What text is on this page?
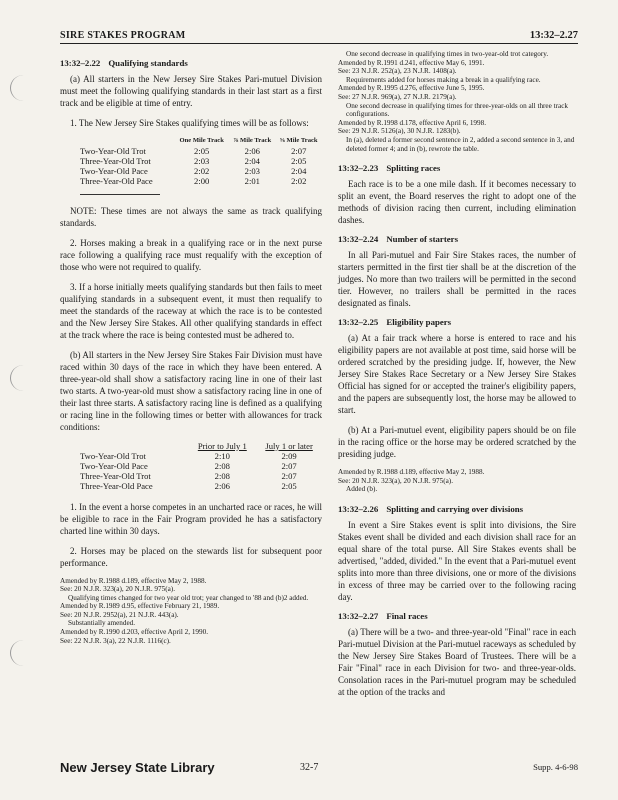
SIRE STAKES PROGRAM	13:32–2.27
13:32–2.22 Qualifying standards

(a) All starters in the New Jersey Sire Stakes Pari-mutuel Division must meet the following qualifying standards in their last start as a first track and be eligible at time of entry.

1. The New Jersey Sire Stakes qualifying times will be as follows:

	One Mile Track	⅞ Mile Track	⅝ Mile Track
Two-Year-Old Trot	2:05	2:06	2:07
Three-Year-Old Trot	2:03	2:04	2:05
Two-Year-Old Pace	2:02	2:03	2:04
Three-Year-Old Pace	2:00	2:01	2:02

NOTE: These times are not always the same as track qualifying standards.

2. Horses making a break in a qualifying race or in the next purse race following a qualifying race must requalify with the exception of those who were not required to qualify.

3. If a horse initially meets qualifying standards but then fails to meet qualifying standards in a subsequent event, it must then requalify to meet the standards of the raceway at which the race is to be contested and the New Jersey Sire Stakes. All other qualifying standards in effect at the track where the race is being contested must be adhered to.

(b) All starters in the New Jersey Sire Stakes Fair Division must have raced within 30 days of the race in which they have been entered. A three-year-old shall show a satisfactory racing line in one of their last two starts. A two-year-old must show a satisfactory racing line in one of their last three starts. A satisfactory racing line is defined as a qualifying or racing line in the following times or better with allowances for track conditions:

	Prior to July 1	July 1 or later
Two-Year-Old Trot	2:10	2:09
Two-Year-Old Pace	2:08	2:07
Three-Year-Old Trot	2:08	2:07
Three-Year-Old Pace	2:06	2:05

1. In the event a horse competes in an uncharted race or races, he will be eligible to race in the Fair Program provided he has a satisfactory charted line within 30 days.

2. Horses may be placed on the stewards list for subsequent poor performance.

Amended by R.1988 d.189, effective May 2, 1988.

See: 20 N.J.R. 323(a), 20 N.J.R. 975(a).

Qualifying times changed for two year old trot; year changed to '88 and (b)2 added.

Amended by R.1989 d.95, effective February 21, 1989.

See: 20 N.J.R. 2952(a), 21 N.J.R. 443(a).

Substantially amended.

Amended by R.1990 d.203, effective April 2, 1990.

See: 22 N.J.R. 3(a), 22 N.J.R. 1116(c).

One second decrease in qualifying times in two-year-old trot category.

Amended by R.1991 d.241, effective May 6, 1991.

See: 23 N.J.R. 252(a), 23 N.J.R. 1408(a).

Requirements added for horses making a break in a qualifying race.

Amended by R.1995 d.276, effective June 5, 1995.

See: 27 N.J.R. 969(a), 27 N.J.R. 2179(a).

One second decrease in qualifying times for three-year-olds on all three track configurations.

Amended by R.1998 d.178, effective April 6, 1998.

See: 29 N.J.R. 5126(a), 30 N.J.R. 1283(b).

In (a), deleted a former second sentence in 2, added a second sentence in 3, and deleted former 4; and in (b), rewrote the table.

13:32–2.23 Splitting races

Each race is to be a one mile dash. If it becomes necessary to split an event, the Board reserves the right to adopt one of the methods of division racing then current, including elimination dashes.

13:32–2.24 Number of starters

In all Pari-mutuel and Fair Sire Stakes races, the number of starters permitted in the first tier shall be at the discretion of the judges. No more than two trailers will be permitted in the second tier. However, no trailers shall be permitted in the races designated as finals.

13:32–2.25 Eligibility papers

(a) At a fair track where a horse is entered to race and his eligibility papers are not available at post time, said horse will be ordered scratched by the presiding judge. If, however, the New Jersey Sire Stakes Race Secretary or a New Jersey Sire Stakes Official has signed for or accepted the trainer's eligibility papers, and the papers are subsequently lost, the horse may be allowed to start.

(b) At a Pari-mutuel event, eligibility papers should be on file in the racing office or the horse may be ordered scratched by the presiding judge.

Amended by R.1988 d.189, effective May 2, 1988.

See: 20 N.J.R. 323(a), 20 N.J.R. 975(a).

Added (b).

13:32–2.26 Splitting and carrying over divisions

In event a Sire Stakes event is split into divisions, the Sire Stakes event shall be divided and each division shall race for an equal share of the total purse. All Sire Stakes events shall be advertised, "added, divided." In the event that a Pari-mutuel event splits into more than three divisions, one or more of the divisions in excess of three may be carried over to the following racing day.

13:32–2.27 Final races

(a) There will be a two- and three-year-old "Final" race in each Pari-mutuel Division at the Pari-mutuel raceways as scheduled by the New Jersey Sire Stakes Board of Trustees. There will be a Fair "Final" race in each Division for two- and three-year-olds. Consolation races in the Pari-mutuel program may be scheduled at the option of the tracks and

New Jersey State Library	32-7	Supp. 4-6-98
